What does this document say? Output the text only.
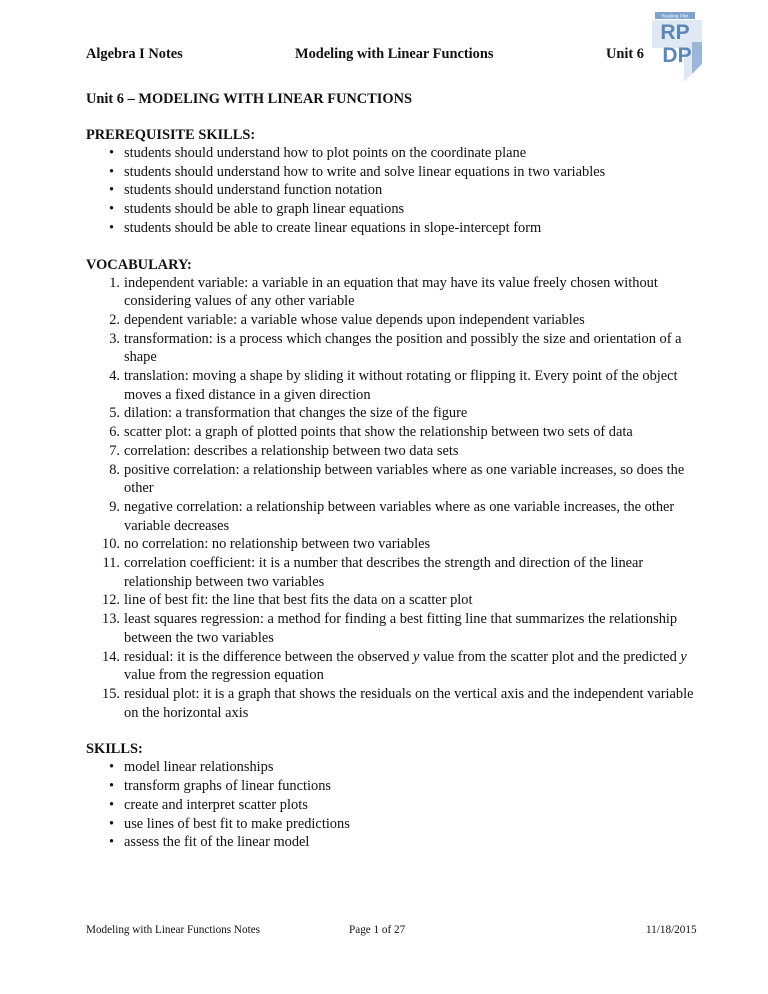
Algebra I Notes	Modeling with Linear Functions	Unit 6
Reading Pilot
RP
DP

Unit 6 – MODELING WITH LINEAR FUNCTIONS

PREREQUISITE SKILLS:

• students should understand how to plot points on the coordinate plane
• students should understand how to write and solve linear equations in two variables
• students should understand function notation
• students should be able to graph linear equations
• students should be able to create linear equations in slope-intercept form

VOCABULARY:

1. independent variable: a variable in an equation that may have its value freely chosen without considering values of any other variable
2. dependent variable: a variable whose value depends upon independent variables
3. transformation: is a process which changes the position and possibly the size and orientation of a shape
4. translation: moving a shape by sliding it without rotating or flipping it. Every point of the object moves a fixed distance in a given direction
5. dilation: a transformation that changes the size of the figure
6. scatter plot: a graph of plotted points that show the relationship between two sets of data
7. correlation: describes a relationship between two data sets
8. positive correlation: a relationship between variables where as one variable increases, so does the other
9. negative correlation: a relationship between variables where as one variable increases, the other variable decreases
10. no correlation: no relationship between two variables
11. correlation coefficient: it is a number that describes the strength and direction of the linear relationship between two variables
12. line of best fit: the line that best fits the data on a scatter plot
13. least squares regression: a method for finding a best fitting line that summarizes the relationship between the two variables
14. residual: it is the difference between the observed y value from the scatter plot and the predicted y value from the regression equation
15. residual plot: it is a graph that shows the residuals on the vertical axis and the independent variable on the horizontal axis

SKILLS:

• model linear relationships
• transform graphs of linear functions
• create and interpret scatter plots
• use lines of best fit to make predictions
• assess the fit of the linear model
Modeling with Linear Functions Notes	Page 1 of 27	11/18/2015
